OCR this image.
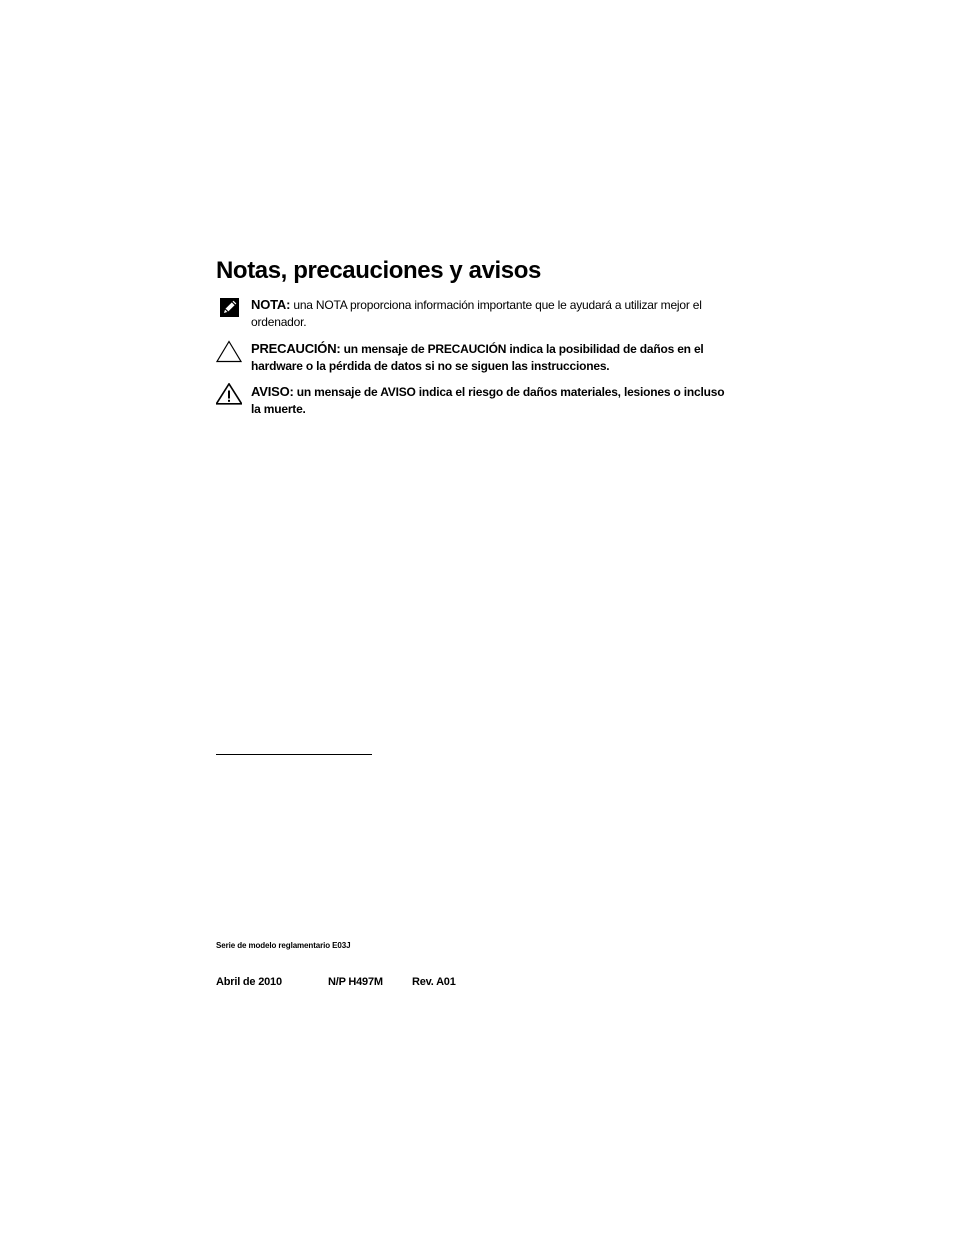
Notas, precauciones y avisos
NOTA: una NOTA proporciona información importante que le ayudará a utilizar mejor el ordenador.
PRECAUCIÓN: un mensaje de PRECAUCIÓN indica la posibilidad de daños en el hardware o la pérdida de datos si no se siguen las instrucciones.
AVISO: un mensaje de AVISO indica el riesgo de daños materiales, lesiones o incluso la muerte.
Serie de modelo reglamentario E03J
Abril de 2010	N/P H497M	Rev. A01
